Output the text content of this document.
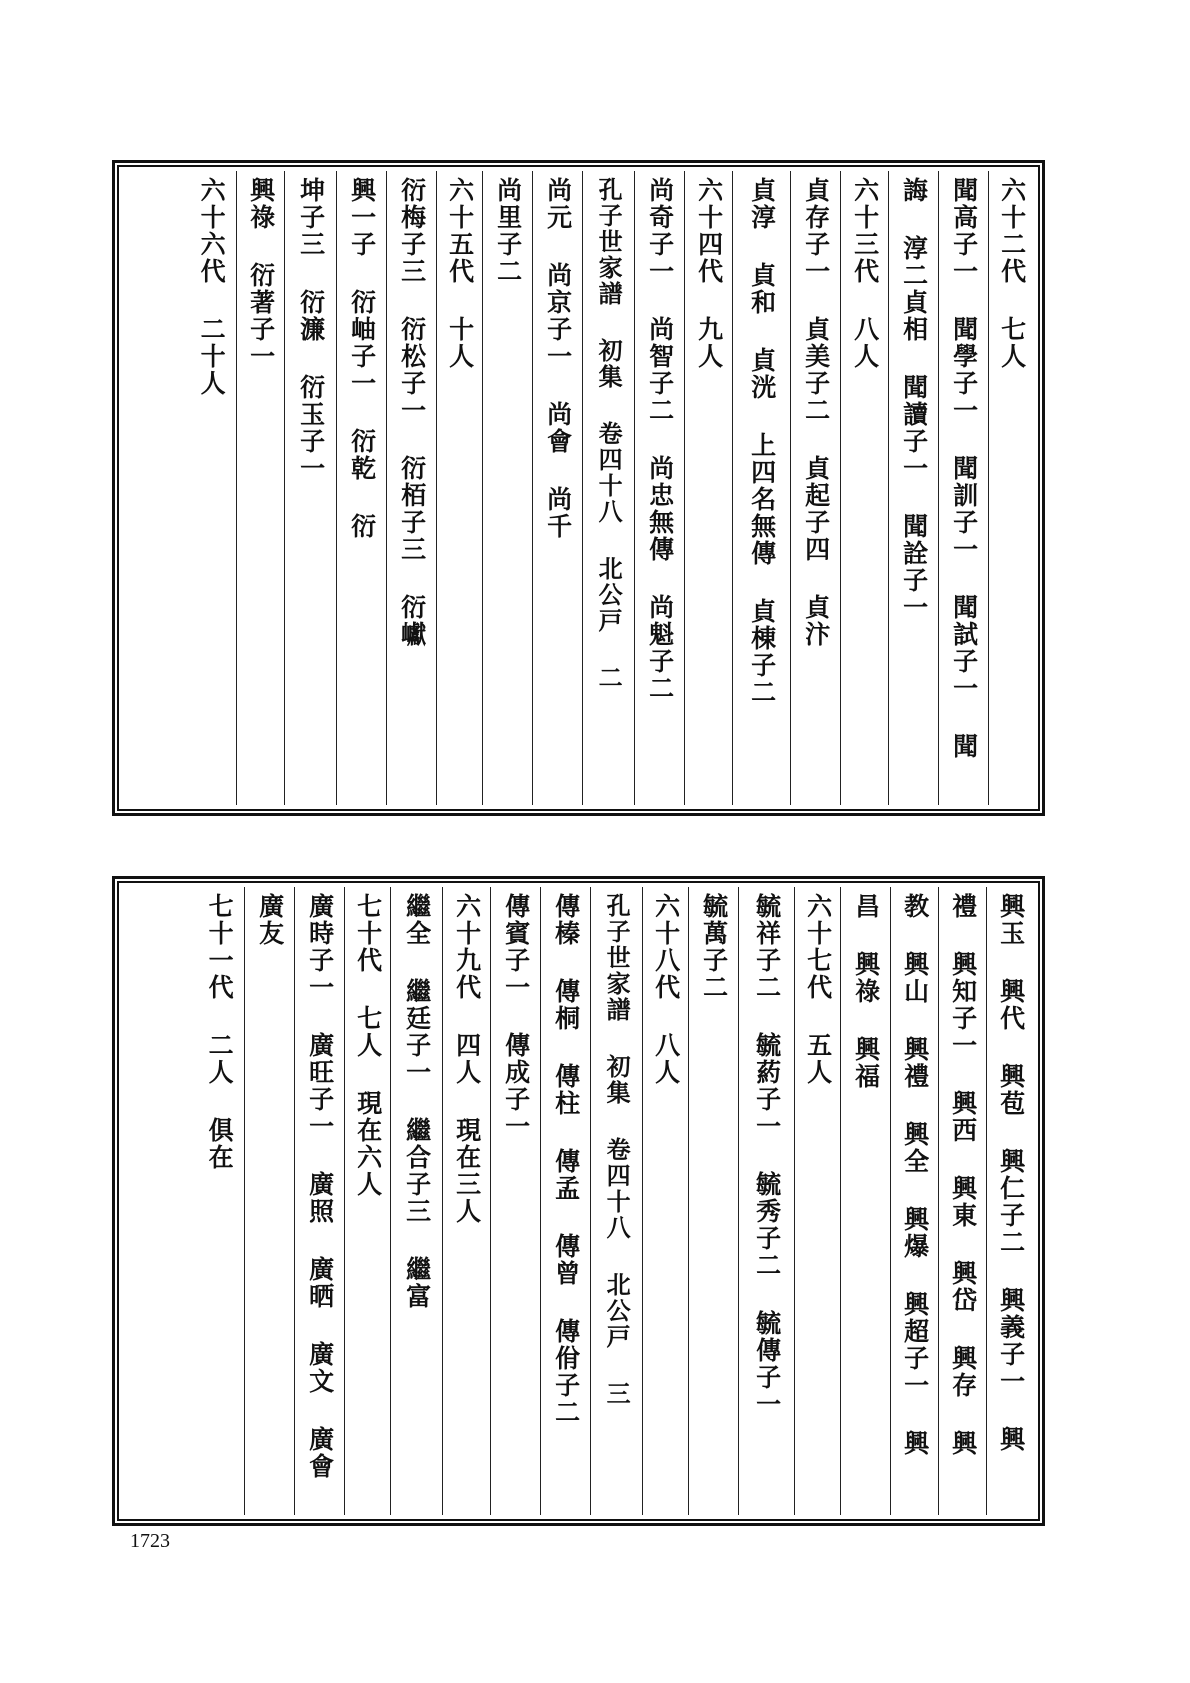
六十二代 七人
聞高子一 聞學子一 聞訓子一 聞試子一 聞
誨 淳二貞相 聞讀子一 聞詮子一
六十三代 八人
貞存子一 貞美子二 貞起子四 貞汴
貞淳 貞和 貞洸 上四名無傳 貞棟子二
六十四代 九人
尚奇子一 尚智子二 尚忠無傳 尚魁子二
孔子世家譜 初集 卷四十八 北公戸 二
尚元 尚京子一 尚會 尚千
尚里子二
六十五代 十人
衍梅子三 衍松子一 衍栢子三 衍巘
興一子 衍岫子一 衍乾 衍
坤子三 衍濂 衍玉子一
興祿 衍著子一
六十六代 二十人
興玉 興代 興苞 興仁子二 興義子一 興
禮 興知子一 興西 興東 興岱 興存 興
教 興山 興禮 興全 興爆 興超子一 興
昌 興祿 興福
六十七代 五人
毓祥子二 毓葯子一 毓秀子二 毓傳子一
毓萬子二
六十八代 八人
孔子世家譜 初集 卷四十八 北公戸 三
傳榛 傳桐 傳柱 傳孟 傳曾 傳佾子二
傳賓子一 傳成子一
六十九代 四人 現在三人
繼全 繼廷子一 繼合子三 繼富
七十代 七人 現在六人
廣時子一 廣旺子一 廣照 廣晒 廣文 廣會
廣友
七十一代 二人 俱在
1723
